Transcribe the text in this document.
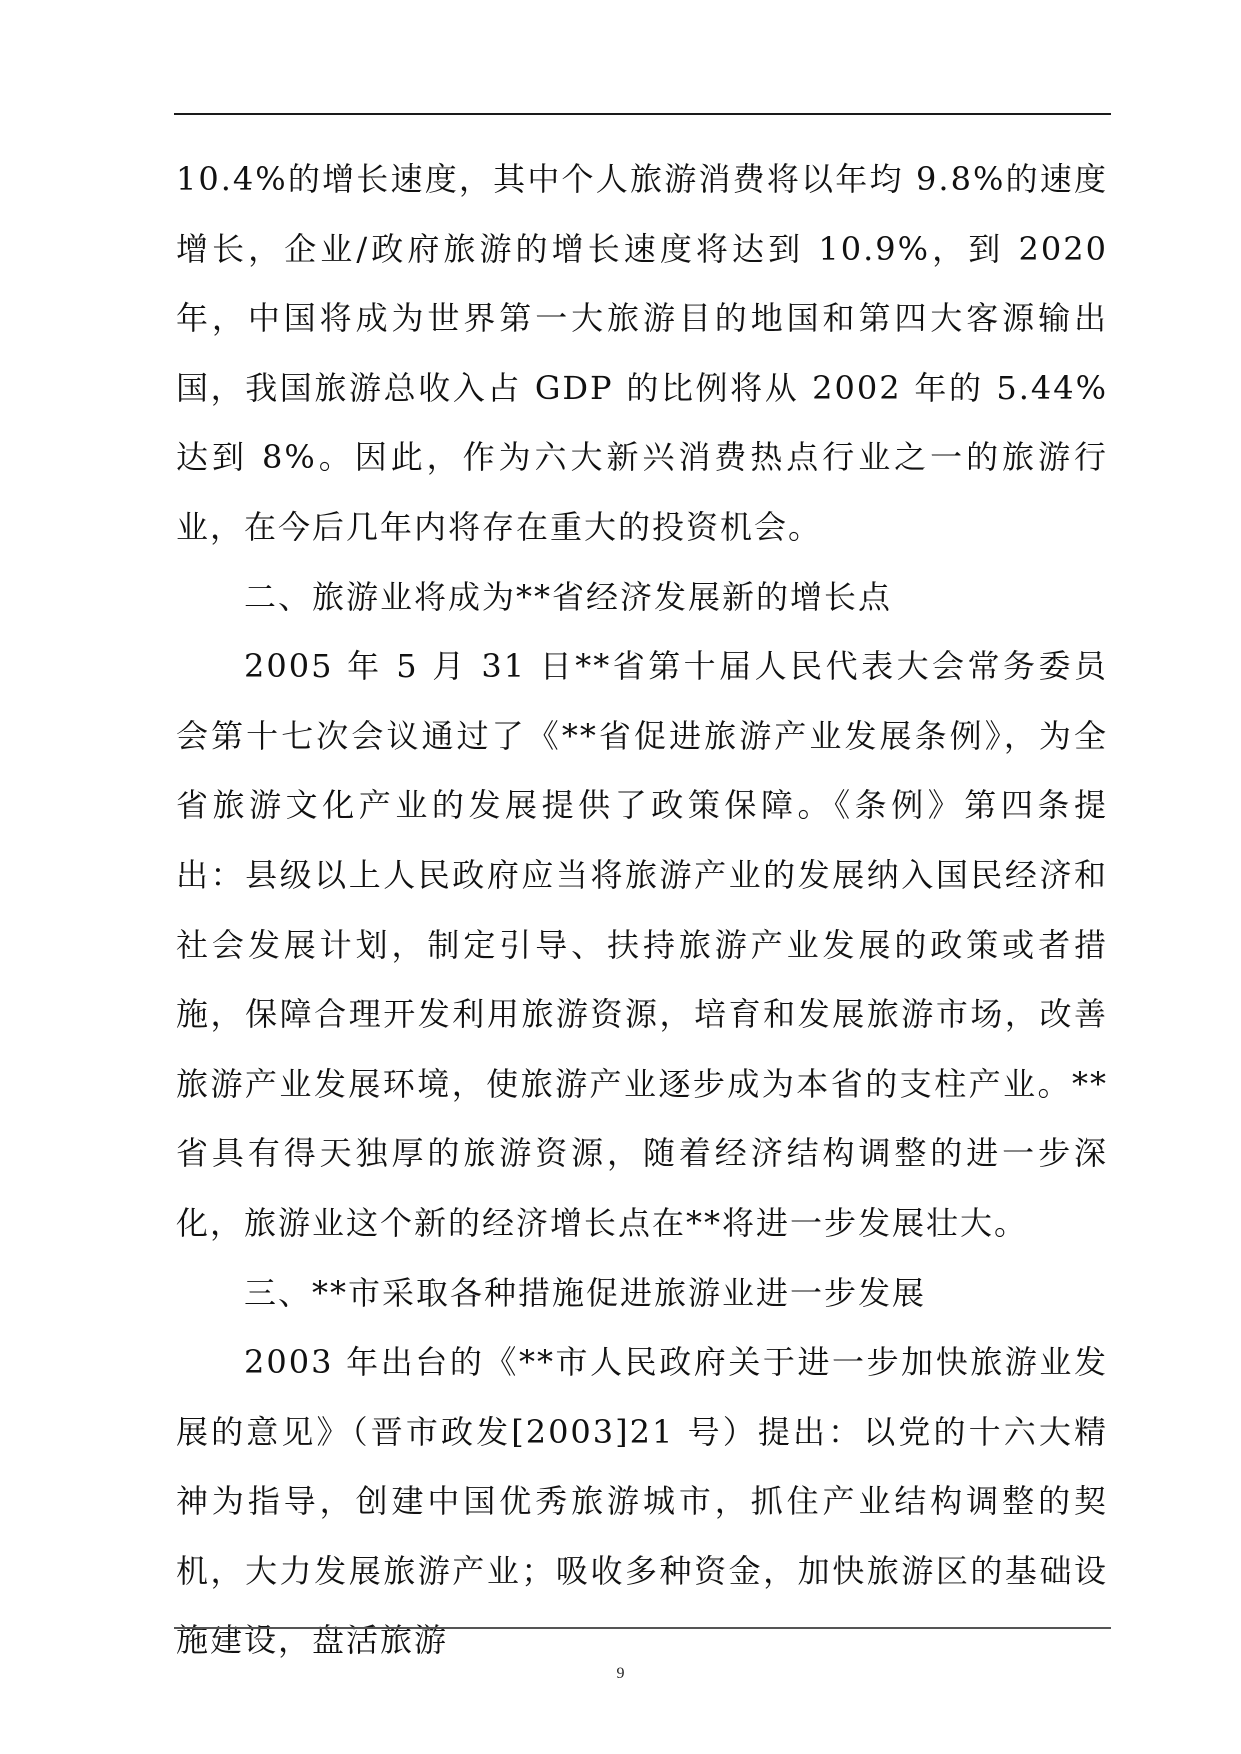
10.4%的增长速度，其中个人旅游消费将以年均 9.8%的速度增长，企业/政府旅游的增长速度将达到 10.9%，到 2020 年，中国将成为世界第一大旅游目的地国和第四大客源输出国，我国旅游总收入占 GDP 的比例将从 2002 年的 5.44%达到 8%。因此，作为六大新兴消费热点行业之一的旅游行业，在今后几年内将存在重大的投资机会。

二、旅游业将成为**省经济发展新的增长点

2005 年 5 月 31 日**省第十届人民代表大会常务委员会第十七次会议通过了《**省促进旅游产业发展条例》，为全省旅游文化产业的发展提供了政策保障。《条例》第四条提出：县级以上人民政府应当将旅游产业的发展纳入国民经济和社会发展计划，制定引导、扶持旅游产业发展的政策或者措施，保障合理开发利用旅游资源，培育和发展旅游市场，改善旅游产业发展环境，使旅游产业逐步成为本省的支柱产业。**省具有得天独厚的旅游资源，随着经济结构调整的进一步深化，旅游业这个新的经济增长点在**将进一步发展壮大。

三、**市采取各种措施促进旅游业进一步发展

2003 年出台的《**市人民政府关于进一步加快旅游业发展的意见》（晋市政发[2003]21 号）提出：以党的十六大精神为指导，创建中国优秀旅游城市，抓住产业结构调整的契机，大力发展旅游产业；吸收多种资金，加快旅游区的基础设施建设，盘活旅游

9
